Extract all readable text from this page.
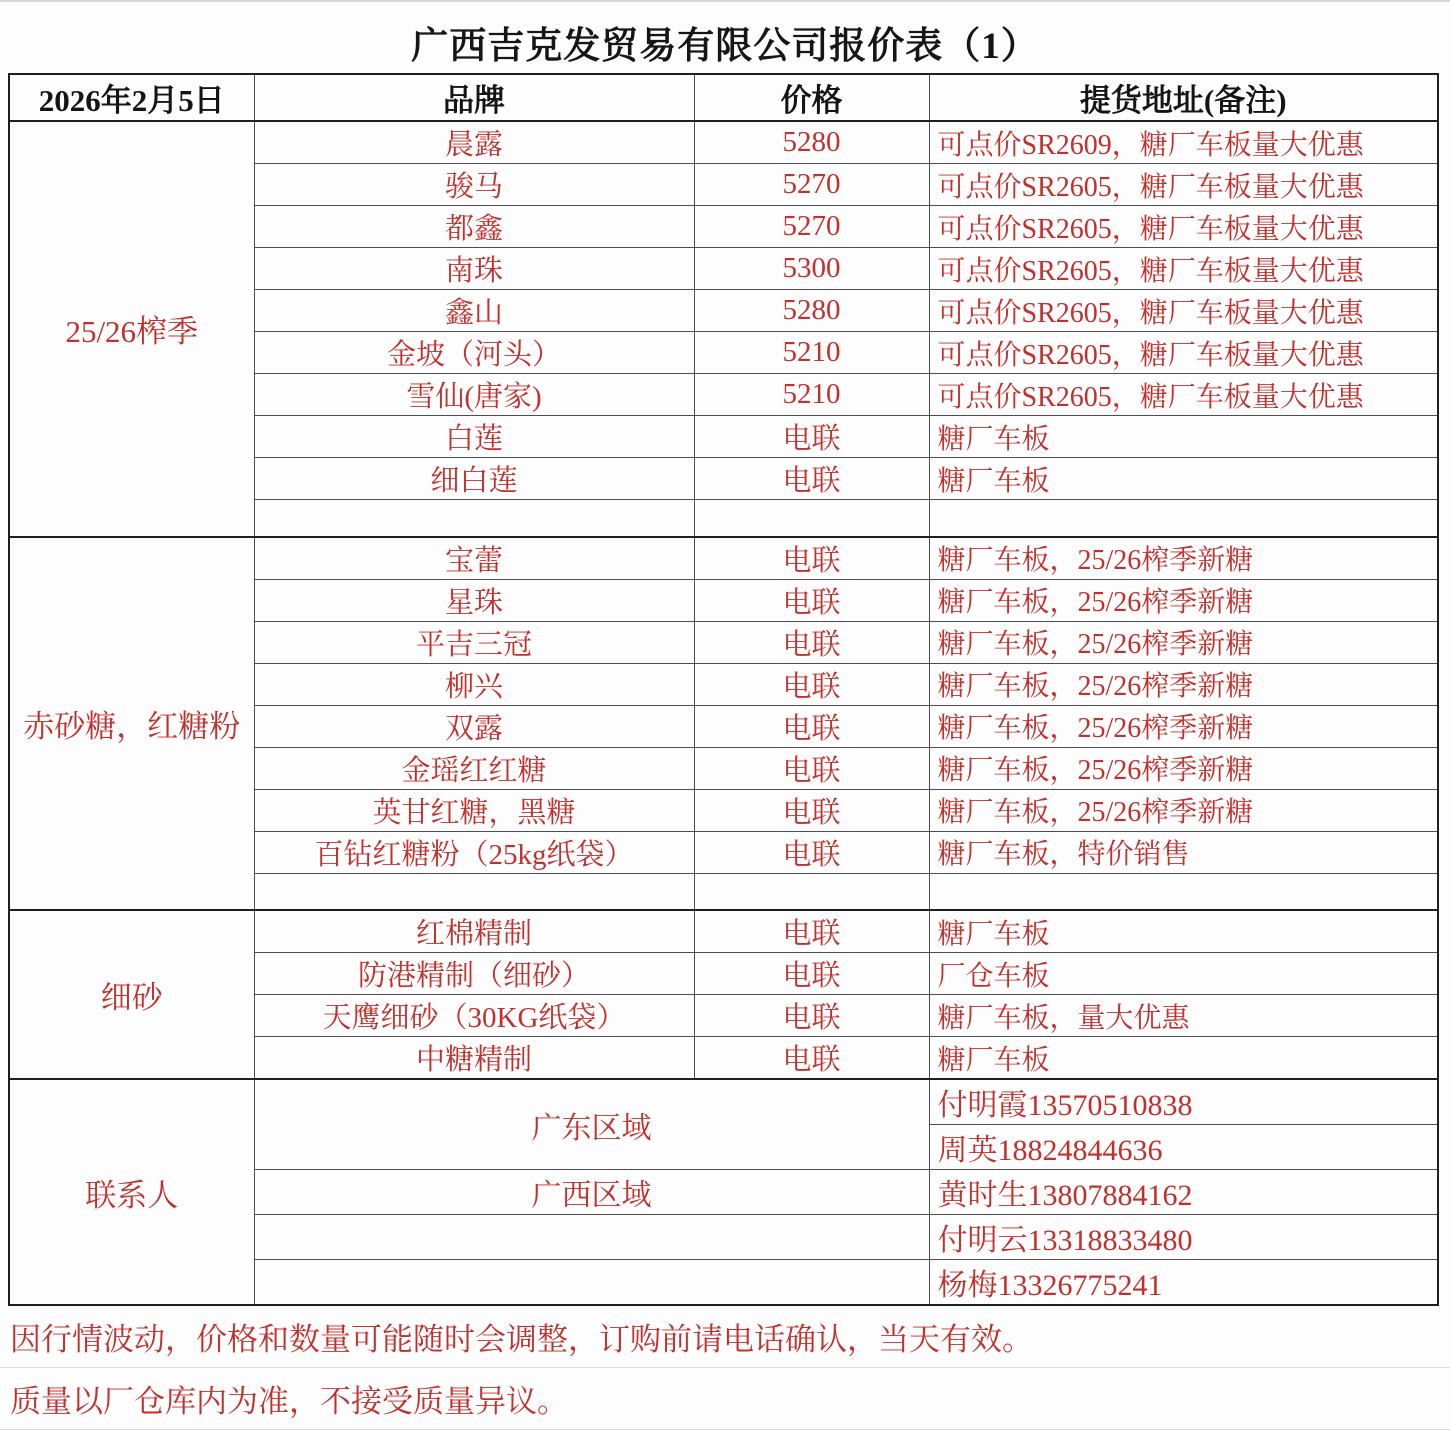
广西吉克发贸易有限公司报价表（1）
2026年2月5日	品牌	价格	提货地址(备注)
25/26榨季	晨露	5280	可点价SR2609，糖厂车板量大优惠
	骏马	5270	可点价SR2605，糖厂车板量大优惠
	都鑫	5270	可点价SR2605，糖厂车板量大优惠
	南珠	5300	可点价SR2605，糖厂车板量大优惠
	鑫山	5280	可点价SR2605，糖厂车板量大优惠
	金坡（河头）	5210	可点价SR2605，糖厂车板量大优惠
	雪仙(唐家)	5210	可点价SR2605，糖厂车板量大优惠
	白莲	电联	糖厂车板
	细白莲	电联	糖厂车板

赤砂糖，红糖粉	宝蕾	电联	糖厂车板，25/26榨季新糖
	星珠	电联	糖厂车板，25/26榨季新糖
	平吉三冠	电联	糖厂车板，25/26榨季新糖
	柳兴	电联	糖厂车板，25/26榨季新糖
	双露	电联	糖厂车板，25/26榨季新糖
	金瑶红红糖	电联	糖厂车板，25/26榨季新糖
	英甘红糖，黑糖	电联	糖厂车板，25/26榨季新糖
	百钻红糖粉（25kg纸袋）	电联	糖厂车板，特价销售

细砂	红棉精制	电联	糖厂车板
	防港精制（细砂）	电联	厂仓车板
	天鹰细砂（30KG纸袋）	电联	糖厂车板，量大优惠
	中糖精制	电联	糖厂车板
联系人	广东区域		付明霞13570510838
			周英18824844636
	广西区域		黄时生13807884162
			付明云13318833480
			杨梅13326775241
因行情波动，价格和数量可能随时会调整，订购前请电话确认，当天有效。
质量以厂仓库内为准，不接受质量异议。
